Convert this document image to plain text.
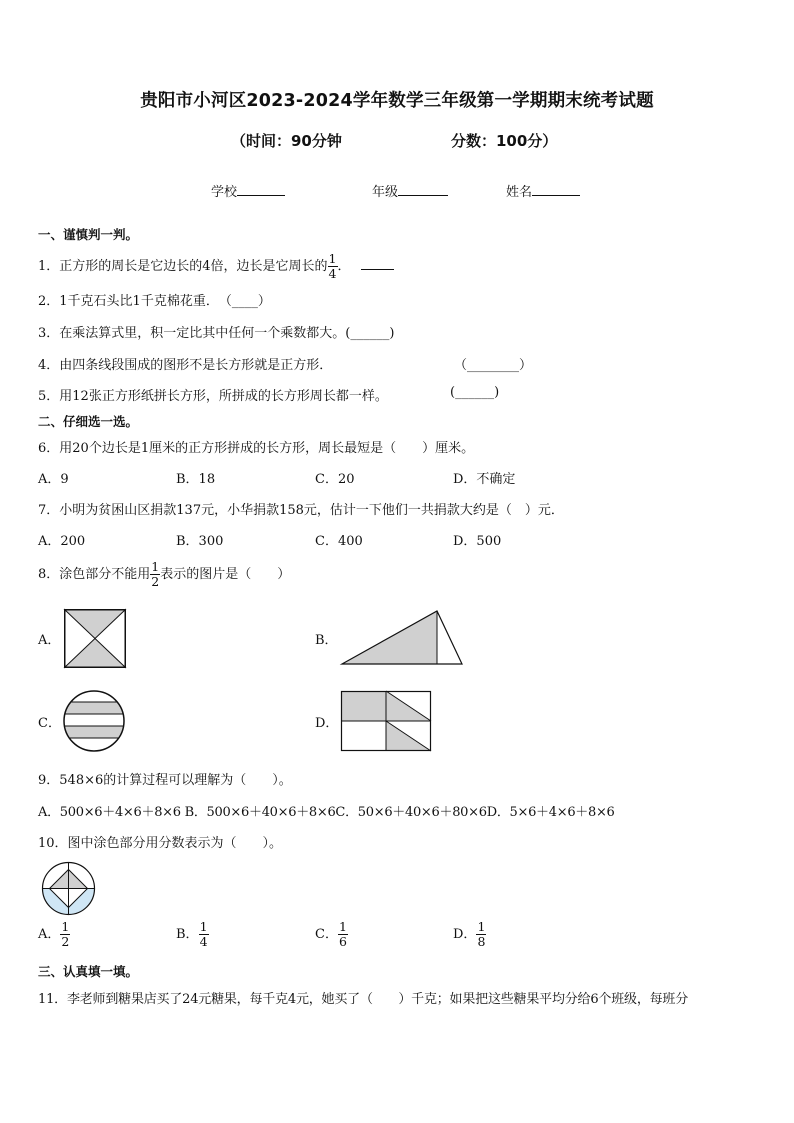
贵阳市小河区2023-2024学年数学三年级第一学期期末统考试题
（时间：90分钟	分数：100分）
学校	年级	姓名
一、谨慎判一判。
1．正方形的周长是它边长的4倍，边长是它周长的 $\frac{1}{4}$ ．
2．1千克石头比1千克棉花重．　（____）
3．在乘法算式里，积一定比其中任何一个乘数都大。(______)
4．由四条线段围成的图形不是长方形就是正方形．	（________）
5．用12张正方形纸拼长方形，所拼成的长方形周长都一样。	(______)
二、仔细选一选。
6．用20个边长是1厘米的正方形拼成的长方形，周长最短是（　　）厘米。
A．9	B．18	C．20	D．不确定
7．小明为贫困山区捐款137元，小华捐款158元，估计一下他们一共捐款大约是（　）元．
A．200	B．300	C．400	D．500
8．涂色部分不能用 $\frac{1}{2}$ 表示的图片是（　　）
A．	B．
C．	D．
9．548×6的计算过程可以理解为（　　）。
A．500×6＋4×6＋8×6 B．500×6＋40×6＋8×6C．50×6＋40×6＋80×6D．5×6＋4×6＋8×6
10．图中涂色部分用分数表示为（　　）。
A． $\frac{1}{2}$	B． $\frac{1}{4}$	C． $\frac{1}{6}$	D． $\frac{1}{8}$
三、认真填一填。
11．李老师到糖果店买了24元糖果，每千克4元，她买了（　　）千克；如果把这些糖果平均分给6个班级，每班分
